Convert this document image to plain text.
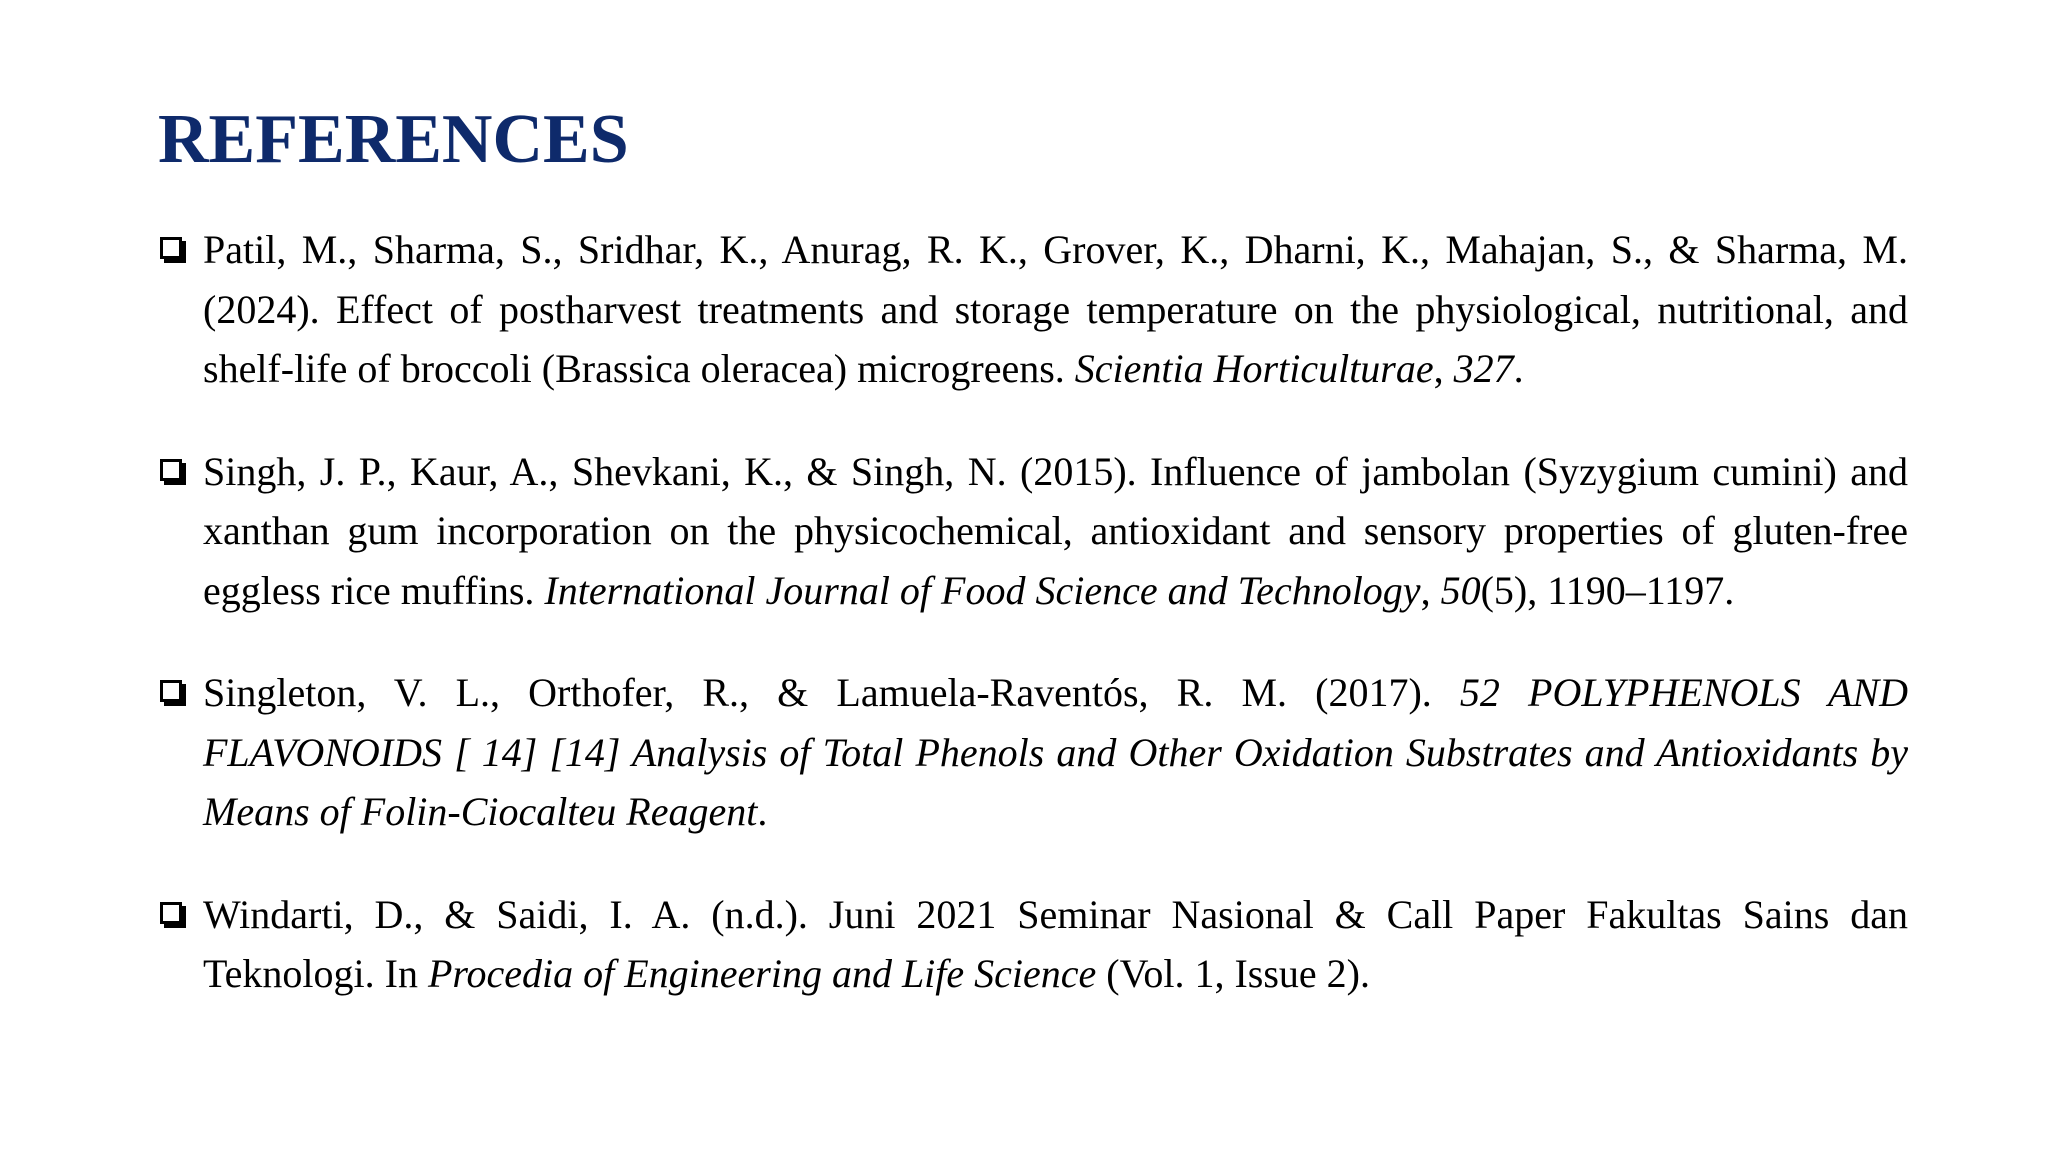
REFERENCES
Patil, M., Sharma, S., Sridhar, K., Anurag, R. K., Grover, K., Dharni, K., Mahajan, S., & Sharma, M. (2024). Effect of postharvest treatments and storage temperature on the physiological, nutritional, and shelf-life of broccoli (Brassica oleracea) microgreens. Scientia Horticulturae, 327.
Singh, J. P., Kaur, A., Shevkani, K., & Singh, N. (2015). Influence of jambolan (Syzygium cumini) and xanthan gum incorporation on the physicochemical, antioxidant and sensory properties of gluten-free eggless rice muffins. International Journal of Food Science and Technology, 50(5), 1190–1197.
Singleton, V. L., Orthofer, R., & Lamuela-Raventós, R. M. (2017). 52 POLYPHENOLS AND FLAVONOIDS [ 14] [14] Analysis of Total Phenols and Other Oxidation Substrates and Antioxidants by Means of Folin-Ciocalteu Reagent.
Windarti, D., & Saidi, I. A. (n.d.). Juni 2021 Seminar Nasional & Call Paper Fakultas Sains dan Teknologi. In Procedia of Engineering and Life Science (Vol. 1, Issue 2).
